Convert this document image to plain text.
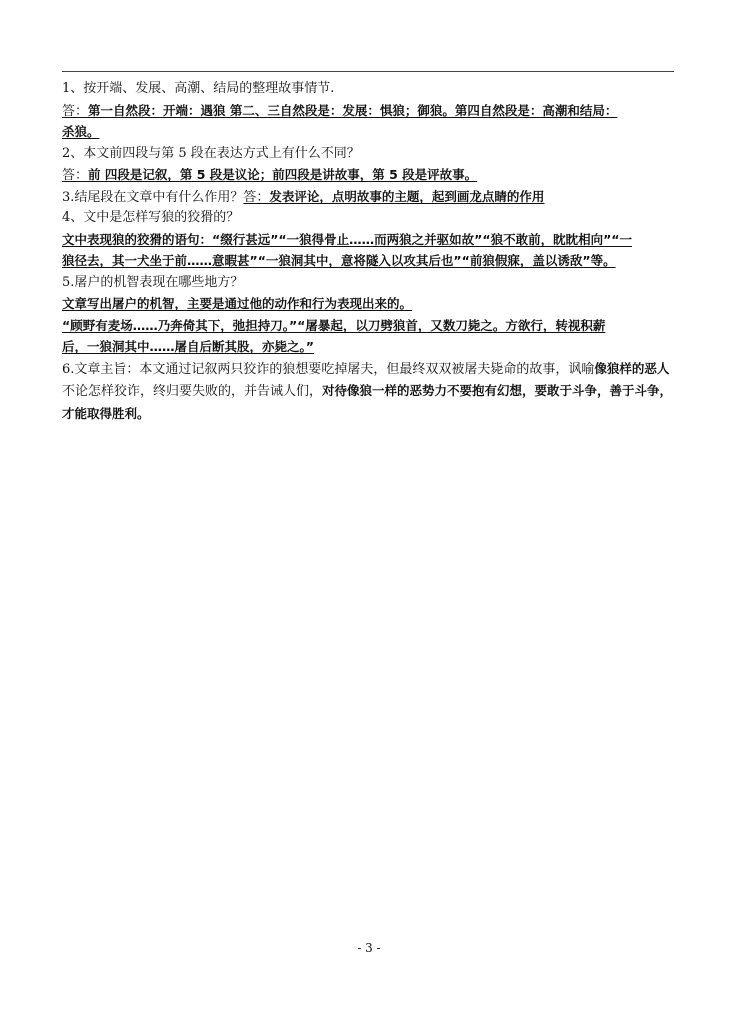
1、按开端、发展、高潮、结局的整理故事情节.
答：第一自然段：开端：遇狼 第二、三自然段是：发展：惧狼；御狼。第四自然段是：高潮和结局：
杀狼。
2、本文前四段与第 5 段在表达方式上有什么不同？
答：前 四段是记叙，第 5 段是议论；前四段是讲故事，第 5 段是评故事。
3.结尾段在文章中有什么作用？答：发表评论，点明故事的主题，起到画龙点睛的作用
4、文中是怎样写狼的狡猾的？
文中表现狼的狡猾的语句：“缀行甚远”“一狼得骨止……而两狼之并驱如故”“狼不敢前，眈眈相向”“一
狼径去，其一犬坐于前……意暇甚”“一狼洞其中，意将隧入以攻其后也”“前狼假寐，盖以诱敌”等。
5.屠户的机智表现在哪些地方？
文章写出屠户的机智，主要是通过他的动作和行为表现出来的。
“顾野有麦场……乃奔倚其下，弛担持刀。”“屠暴起，以刀劈狼首，又数刀毙之。方欲行，转视积薪
后，一狼洞其中……屠自后断其股，亦毙之。”
6.文章主旨：本文通过记叙两只狡诈的狼想要吃掉屠夫，但最终双双被屠夫毙命的故事，讽喻像狼样的恶人不论怎样狡诈，终归要失败的，并告诫人们，对待像狼一样的恶势力不要抱有幻想，要敢于斗争，善于斗争，才能取得胜利。
- 3 -
